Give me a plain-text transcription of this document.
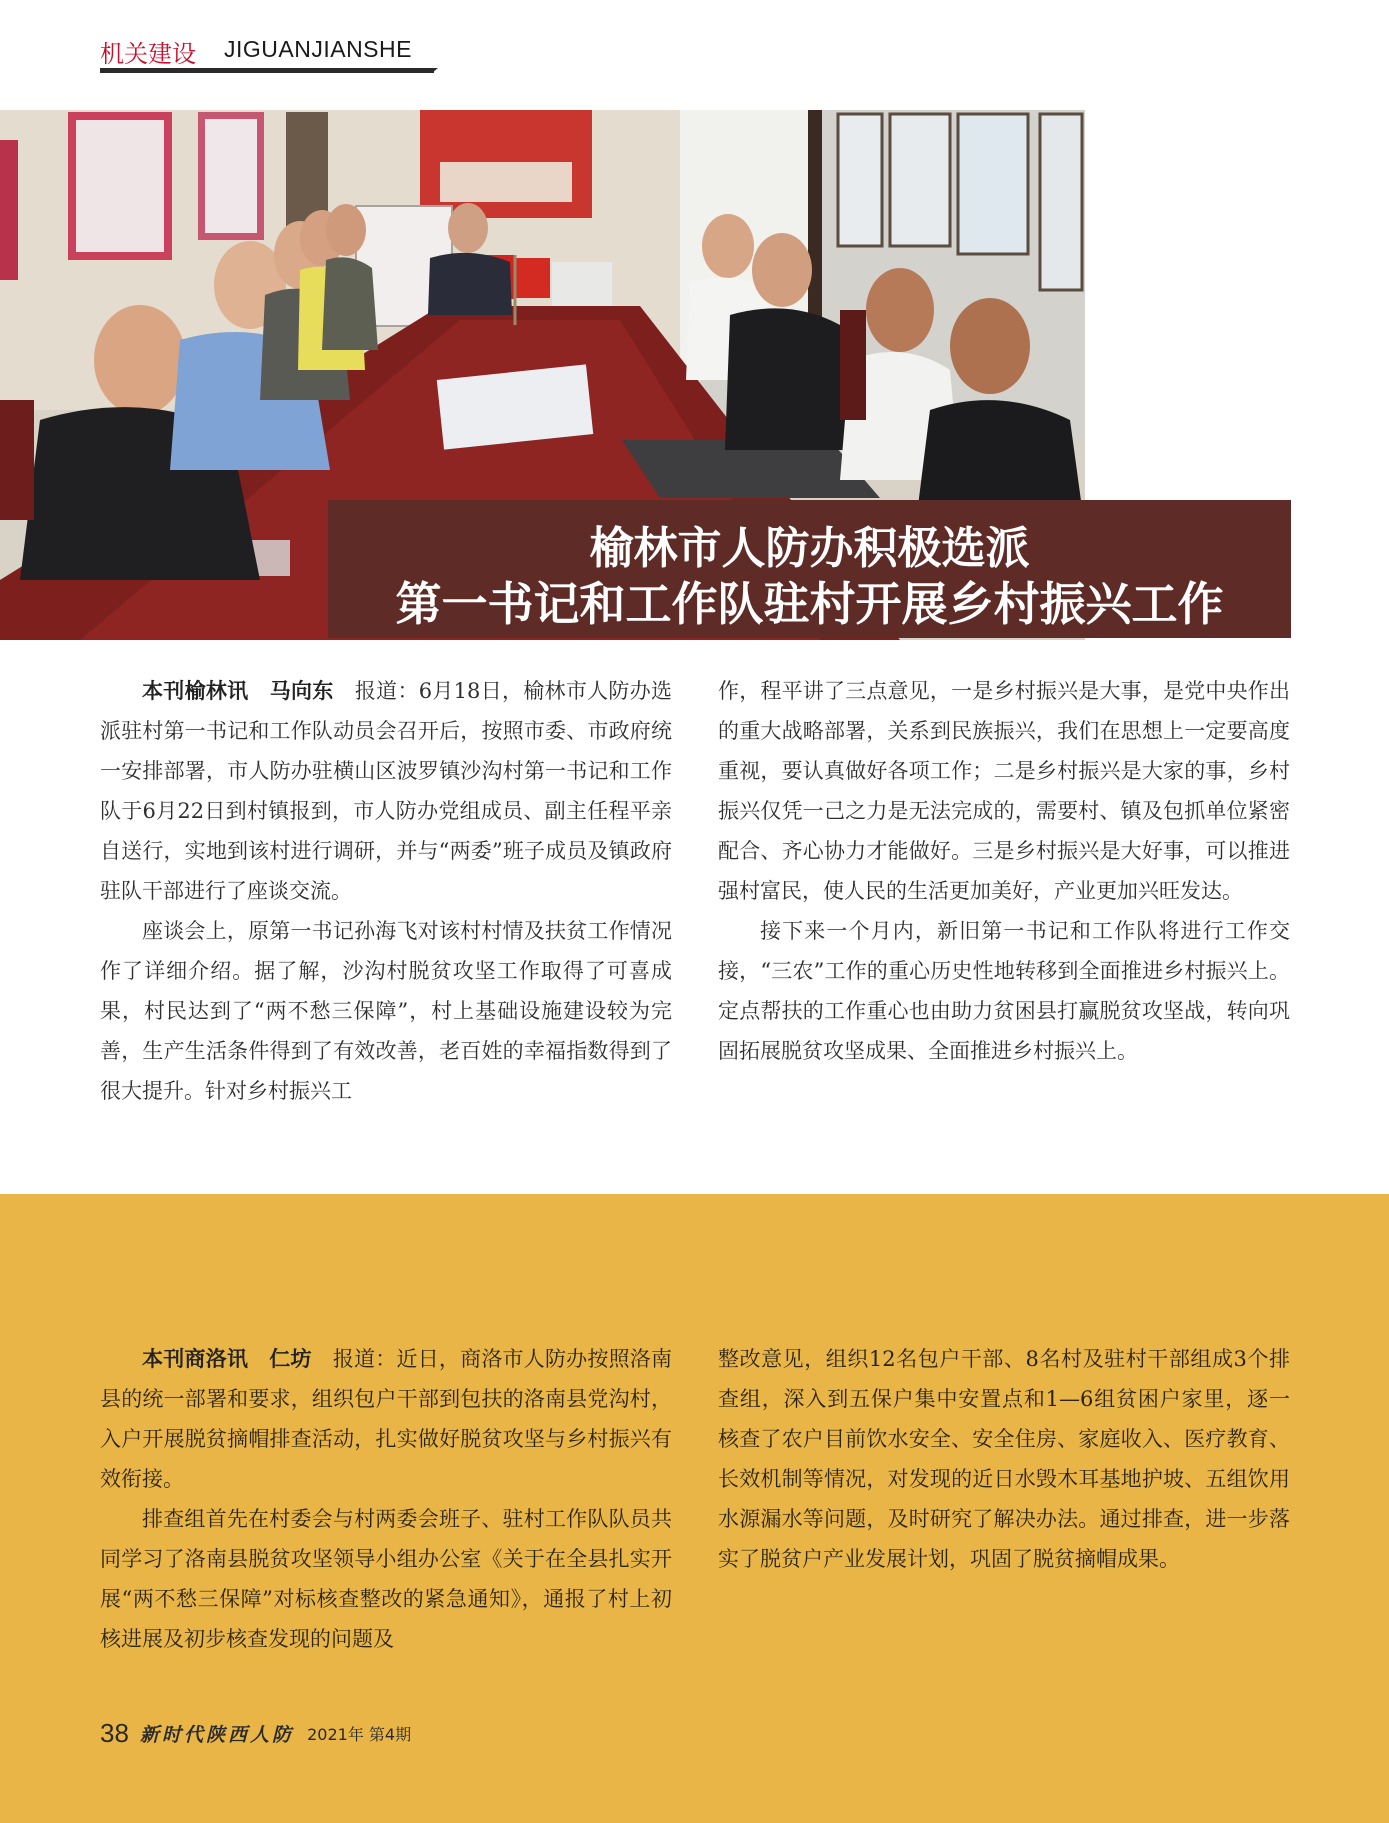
机关建设 JIGUANJIANSHE
榆林市人防办积极选派
第一书记和工作队驻村开展乡村振兴工作

本刊榆林讯　马向东　报道：6月18日，榆林市人防办选派驻村第一书记和工作队动员会召开后，按照市委、市政府统一安排部署，市人防办驻横山区波罗镇沙沟村第一书记和工作队于6月22日到村镇报到，市人防办党组成员、副主任程平亲自送行，实地到该村进行调研，并与“两委”班子成员及镇政府驻队干部进行了座谈交流。

座谈会上，原第一书记孙海飞对该村村情及扶贫工作情况作了详细介绍。据了解，沙沟村脱贫攻坚工作取得了可喜成果，村民达到了“两不愁三保障”，村上基础设施建设较为完善，生产生活条件得到了有效改善，老百姓的幸福指数得到了很大提升。针对乡村振兴工

作，程平讲了三点意见，一是乡村振兴是大事，是党中央作出的重大战略部署，关系到民族振兴，我们在思想上一定要高度重视，要认真做好各项工作；二是乡村振兴是大家的事，乡村振兴仅凭一己之力是无法完成的，需要村、镇及包抓单位紧密配合、齐心协力才能做好。三是乡村振兴是大好事，可以推进强村富民，使人民的生活更加美好，产业更加兴旺发达。

接下来一个月内，新旧第一书记和工作队将进行工作交接，“三农”工作的重心历史性地转移到全面推进乡村振兴上。定点帮扶的工作重心也由助力贫困县打赢脱贫攻坚战，转向巩固拓展脱贫攻坚成果、全面推进乡村振兴上。

本刊商洛讯　仁坊　报道：近日，商洛市人防办按照洛南县的统一部署和要求，组织包户干部到包扶的洛南县党沟村，入户开展脱贫摘帽排查活动，扎实做好脱贫攻坚与乡村振兴有效衔接。

排查组首先在村委会与村两委会班子、驻村工作队队员共同学习了洛南县脱贫攻坚领导小组办公室《关于在全县扎实开展“两不愁三保障”对标核查整改的紧急通知》，通报了村上初核进展及初步核查发现的问题及

整改意见，组织12名包户干部、8名村及驻村干部组成3个排查组，深入到五保户集中安置点和1—6组贫困户家里，逐一核查了农户目前饮水安全、安全住房、家庭收入、医疗教育、长效机制等情况，对发现的近日水毁木耳基地护坡、五组饮用水源漏水等问题，及时研究了解决办法。通过排查，进一步落实了脱贫户产业发展计划，巩固了脱贫摘帽成果。

38 新时代陕西人防 2021年 第4期
